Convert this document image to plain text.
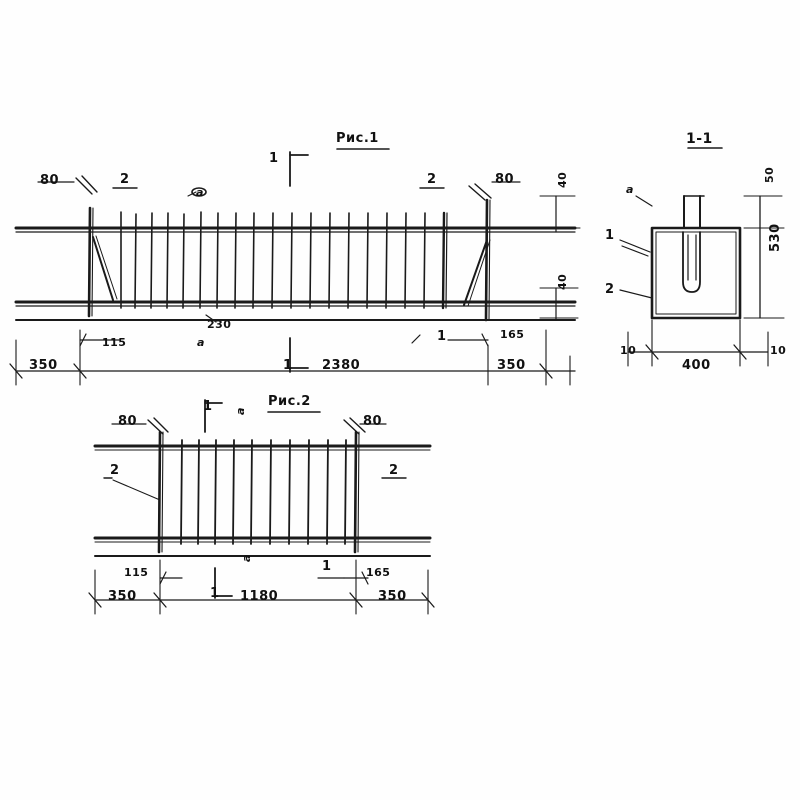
Рис.1
80	80
2	2
1
1
1
а
а
2380
350	350
115
165
230
40
40
Рис.2
80	80
2	2
1
1
1
а
а
1180
350	350
115	165
1-1
а
1
2
400
10	10
530
50
